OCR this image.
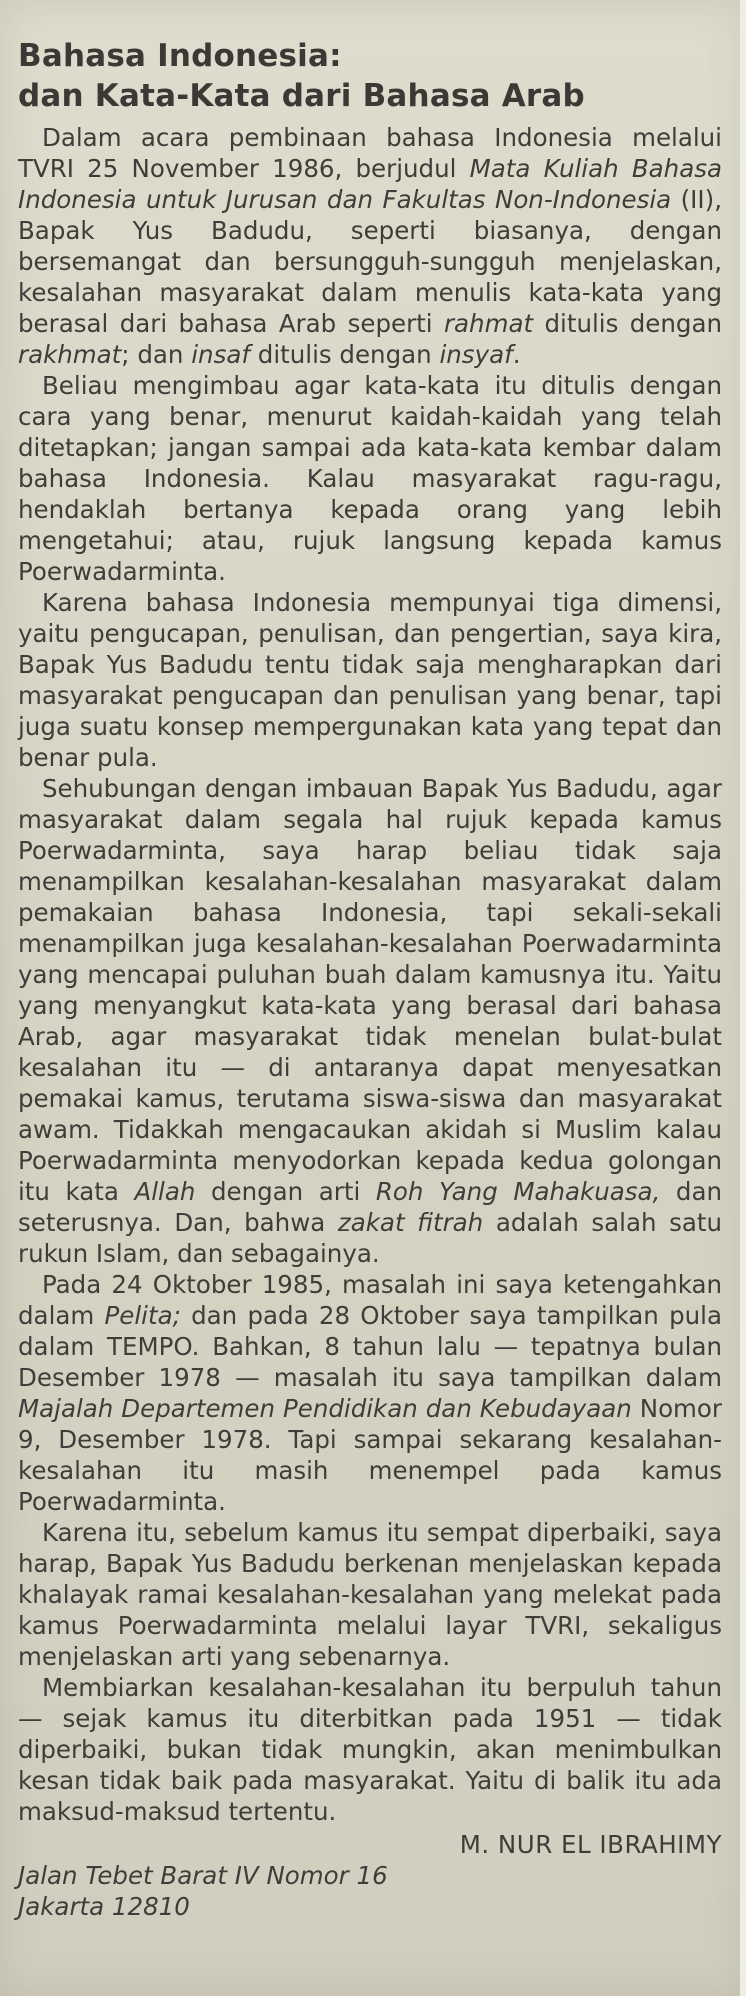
Bahasa Indonesia:
dan Kata-Kata dari Bahasa Arab

Dalam acara pembinaan bahasa Indonesia melalui TVRI 25 November 1986, berjudul Mata Kuliah Bahasa Indonesia untuk Jurusan dan Fakultas Non-Indonesia (II), Bapak Yus Badudu, seperti biasanya, dengan bersemangat dan bersungguh-sungguh menjelaskan, kesalahan masyarakat dalam menulis kata-kata yang berasal dari bahasa Arab seperti rahmat ditulis dengan rakhmat; dan insaf ditulis dengan insyaf.

Beliau mengimbau agar kata-kata itu ditulis dengan cara yang benar, menurut kaidah-kaidah yang telah ditetapkan; jangan sampai ada kata-kata kembar dalam bahasa Indonesia. Kalau masyarakat ragu-ragu, hendaklah bertanya kepada orang yang lebih mengetahui; atau, rujuk langsung kepada kamus Poerwadarminta.

Karena bahasa Indonesia mempunyai tiga dimensi, yaitu pengucapan, penulisan, dan pengertian, saya kira, Bapak Yus Badudu tentu tidak saja mengharapkan dari masyarakat pengucapan dan penulisan yang benar, tapi juga suatu konsep mempergunakan kata yang tepat dan benar pula.

Sehubungan dengan imbauan Bapak Yus Badudu, agar masyarakat dalam segala hal rujuk kepada kamus Poerwadarminta, saya harap beliau tidak saja menampilkan kesalahan-kesalahan masyarakat dalam pemakaian bahasa Indonesia, tapi sekali-sekali menampilkan juga kesalahan-kesalahan Poerwadarminta yang mencapai puluhan buah dalam kamusnya itu. Yaitu yang menyangkut kata-kata yang berasal dari bahasa Arab, agar masyarakat tidak menelan bulat-bulat kesalahan itu — di antaranya dapat menyesatkan pemakai kamus, terutama siswa-siswa dan masyarakat awam. Tidakkah mengacaukan akidah si Muslim kalau Poerwadarminta menyodorkan kepada kedua golongan itu kata Allah dengan arti Roh Yang Mahakuasa, dan seterusnya. Dan, bahwa zakat fitrah adalah salah satu rukun Islam, dan sebagainya.

Pada 24 Oktober 1985, masalah ini saya ketengahkan dalam Pelita; dan pada 28 Oktober saya tampilkan pula dalam TEMPO. Bahkan, 8 tahun lalu — tepatnya bulan Desember 1978 — masalah itu saya tampilkan dalam Majalah Departemen Pendidikan dan Kebudayaan Nomor 9, Desember 1978. Tapi sampai sekarang kesalahan-kesalahan itu masih menempel pada kamus Poerwadarminta.

Karena itu, sebelum kamus itu sempat diperbaiki, saya harap, Bapak Yus Badudu berkenan menjelaskan kepada khalayak ramai kesalahan-kesalahan yang melekat pada kamus Poerwadarminta melalui layar TVRI, sekaligus menjelaskan arti yang sebenarnya.

Membiarkan kesalahan-kesalahan itu berpuluh tahun — sejak kamus itu diterbitkan pada 1951 — tidak diperbaiki, bukan tidak mungkin, akan menimbulkan kesan tidak baik pada masyarakat. Yaitu di balik itu ada maksud-maksud tertentu.

M. NUR EL IBRAHIMY

Jalan Tebet Barat IV Nomor 16

Jakarta 12810
